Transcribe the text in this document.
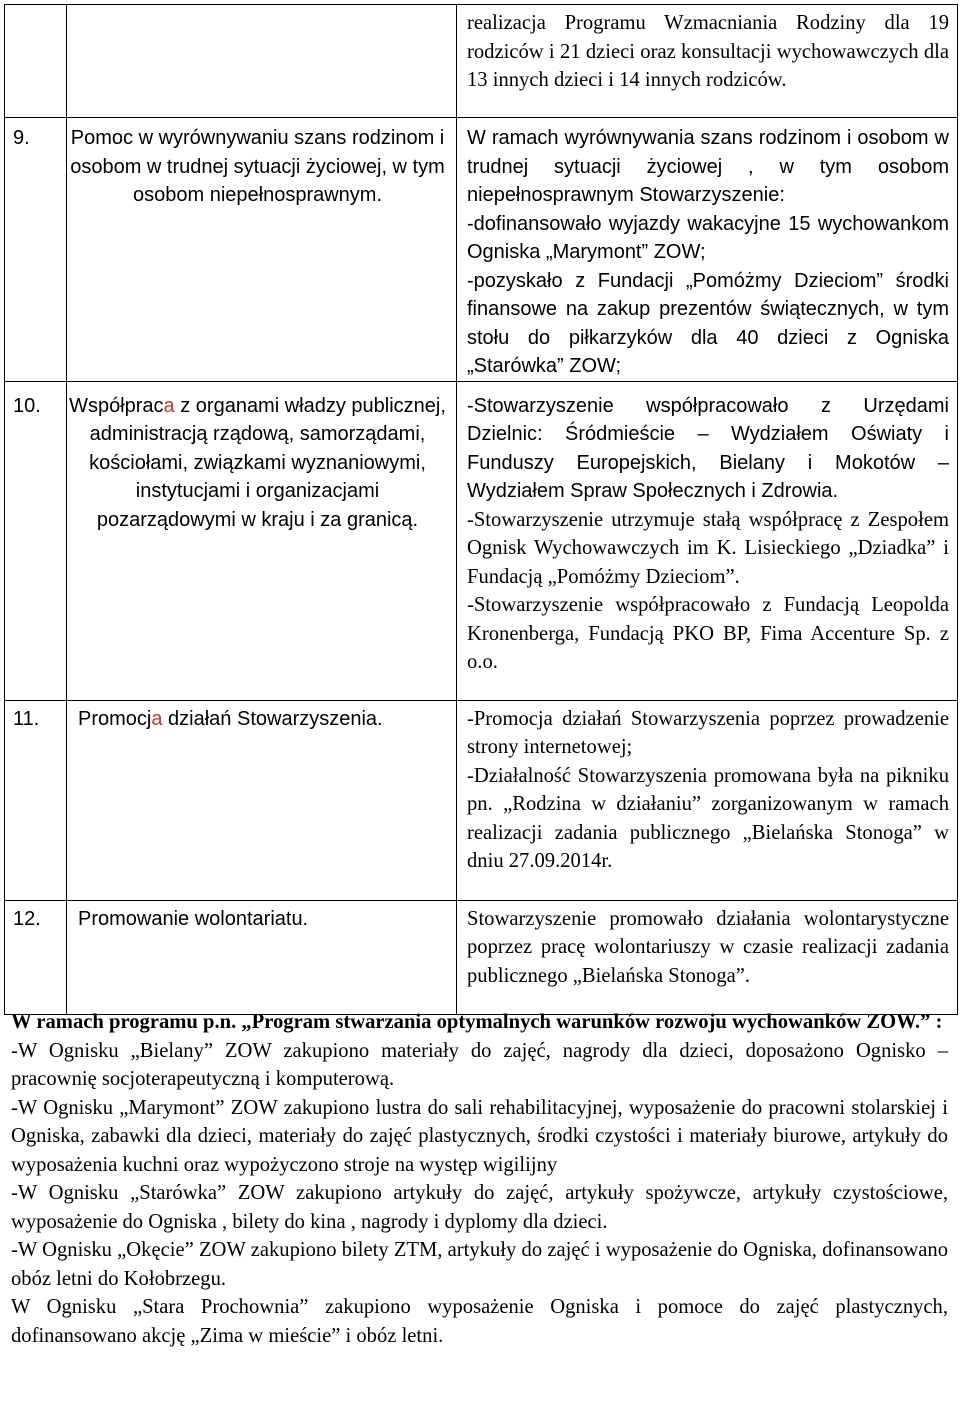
		realizacja Programu Wzmacniania Rodziny dla 19 rodziców i 21 dzieci oraz konsultacji wychowawczych dla 13 innych dzieci i 14 innych rodziców.

9.	Pomoc w wyrównywaniu szans rodzinom i osobom w trudnej sytuacji życiowej, w tym osobom niepełnosprawnym.	W ramach wyrównywania szans rodzinom i osobom w trudnej sytuacji życiowej , w tym osobom niepełnosprawnym Stowarzyszenie:

-dofinansowało wyjazdy wakacyjne 15 wychowankom Ogniska „Marymont” ZOW;

-pozyskało z Fundacji „Pomóżmy Dzieciom” środki finansowe na zakup prezentów świątecznych, w tym stołu do piłkarzyków dla 40 dzieci z Ogniska „Starówka” ZOW;

10.	Współpraca z organami władzy publicznej, administracją rządową, samorządami, kościołami, związkami wyznaniowymi, instytucjami i organizacjami pozarządowymi w kraju i za granicą.	-Stowarzyszenie współpracowało z Urzędami Dzielnic: Śródmieście – Wydziałem Oświaty i Funduszy Europejskich, Bielany i Mokotów – Wydziałem Spraw Społecznych i Zdrowia.

-Stowarzyszenie utrzymuje stałą współpracę z Zespołem Ognisk Wychowawczych im K. Lisieckiego „Dziadka” i Fundacją „Pomóżmy Dzieciom”.

-Stowarzyszenie współpracowało z Fundacją Leopolda Kronenberga, Fundacją PKO BP, Fima Accenture Sp. z o.o.

11.	Promocja działań Stowarzyszenia.	-Promocja działań Stowarzyszenia poprzez prowadzenie strony internetowej;

-Działalność Stowarzyszenia promowana była na pikniku pn. „Rodzina w działaniu” zorganizowanym w ramach realizacji zadania publicznego „Bielańska Stonoga” w dniu 27.09.2014r.

12.	Promowanie wolontariatu.	Stowarzyszenie promowało działania wolontarystyczne poprzez pracę wolontariuszy w czasie realizacji zadania publicznego „Bielańska Stonoga”.

W ramach programu p.n. „Program stwarzania optymalnych warunków rozwoju wychowanków ZOW.” :

-W Ognisku „Bielany” ZOW zakupiono materiały do zajęć, nagrody dla dzieci, doposażono Ognisko – pracownię socjoterapeutyczną i komputerową.

-W Ognisku „Marymont” ZOW zakupiono lustra do sali rehabilitacyjnej, wyposażenie do pracowni stolarskiej i Ogniska, zabawki dla dzieci, materiały do zajęć plastycznych, środki czystości i materiały biurowe, artykuły do wyposażenia kuchni oraz wypożyczono stroje na występ wigilijny

-W Ognisku „Starówka” ZOW zakupiono artykuły do zajęć, artykuły spożywcze, artykuły czystościowe, wyposażenie do Ogniska , bilety do kina , nagrody i dyplomy dla dzieci.

-W Ognisku „Okęcie” ZOW zakupiono bilety ZTM, artykuły do zajęć i wyposażenie do Ogniska, dofinansowano obóz letni do Kołobrzegu.

W Ognisku „Stara Prochownia” zakupiono wyposażenie Ogniska i pomoce do zajęć plastycznych, dofinansowano akcję „Zima w mieście” i obóz letni.
